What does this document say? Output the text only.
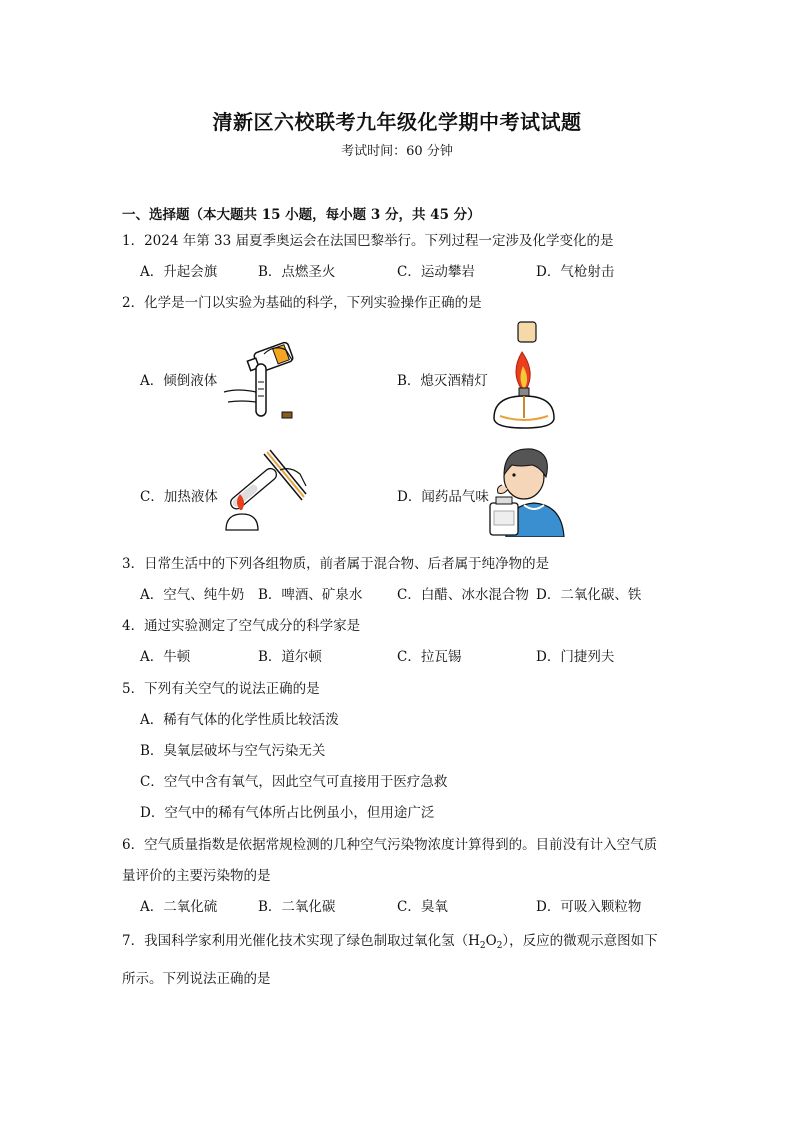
清新区六校联考九年级化学期中考试试题
考试时间：60 分钟
一、选择题（本大题共 15 小题，每小题 3 分，共 45 分）
1．2024 年第 33 届夏季奥运会在法国巴黎举行。下列过程一定涉及化学变化的是
A．升起会旗	B．点燃圣火	C．运动攀岩	D．气枪射击
2．化学是一门以实验为基础的科学，下列实验操作正确的是
A．倾倒液体	B．熄灭酒精灯
C．加热液体	D．闻药品气味
3．日常生活中的下列各组物质，前者属于混合物、后者属于纯净物的是
A．空气、纯牛奶 B．啤酒、矿泉水	C．白醋、冰水混合物 D．二氧化碳、铁
4．通过实验测定了空气成分的科学家是
A．牛顿	B．道尔顿	C．拉瓦锡	D．门捷列夫
5．下列有关空气的说法正确的是
A．稀有气体的化学性质比较活泼
B．臭氧层破坏与空气污染无关
C．空气中含有氧气，因此空气可直接用于医疗急救
D．空气中的稀有气体所占比例虽小，但用途广泛
6．空气质量指数是依据常规检测的几种空气污染物浓度计算得到的。目前没有计入空气质
量评价的主要污染物的是
A．二氧化硫	B．二氧化碳	C．臭氧	D．可吸入颗粒物
7．我国科学家利用光催化技术实现了绿色制取过氧化氢$(H_2O_2)$，反应的微观示意图如下
所示。下列说法正确的是
